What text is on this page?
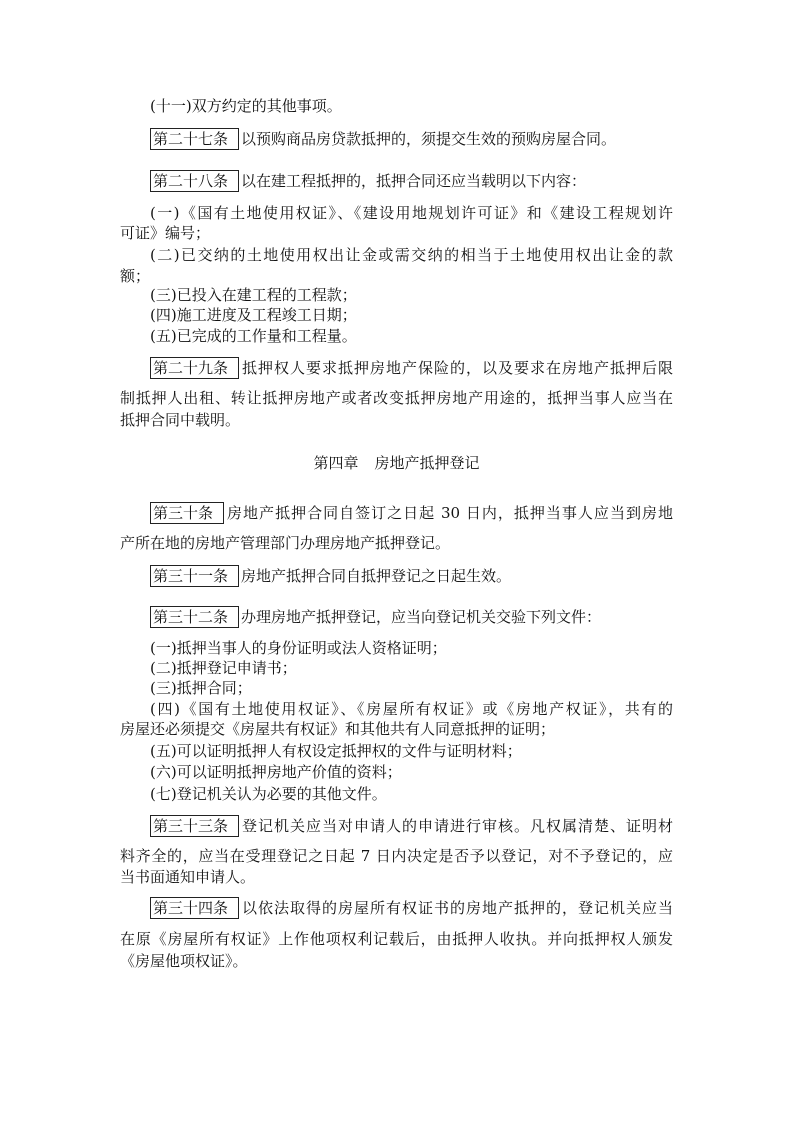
(十一)双方约定的其他事项。
第二十七条 以预购商品房贷款抵押的，须提交生效的预购房屋合同。
第二十八条 以在建工程抵押的，抵押合同还应当载明以下内容：
(一)《国有土地使用权证》、《建设用地规划许可证》和《建设工程规划许
可证》编号；
(二)已交纳的土地使用权出让金或需交纳的相当于土地使用权出让金的款
额；
(三)已投入在建工程的工程款；
(四)施工进度及工程竣工日期；
(五)已完成的工作量和工程量。
第二十九条 抵押权人要求抵押房地产保险的，以及要求在房地产抵押后限
制抵押人出租、转让抵押房地产或者改变抵押房地产用途的，抵押当事人应当在
抵押合同中载明。
第四章 房地产抵押登记
第三十条 房地产抵押合同自签订之日起 30 日内，抵押当事人应当到房地
产所在地的房地产管理部门办理房地产抵押登记。
第三十一条 房地产抵押合同自抵押登记之日起生效。
第三十二条 办理房地产抵押登记，应当向登记机关交验下列文件：
(一)抵押当事人的身份证明或法人资格证明；
(二)抵押登记申请书；
(三)抵押合同；
(四)《国有土地使用权证》、《房屋所有权证》或《房地产权证》，共有的
房屋还必须提交《房屋共有权证》和其他共有人同意抵押的证明；
(五)可以证明抵押人有权设定抵押权的文件与证明材料；
(六)可以证明抵押房地产价值的资料；
(七)登记机关认为必要的其他文件。
第三十三条 登记机关应当对申请人的申请进行审核。凡权属清楚、证明材
料齐全的，应当在受理登记之日起 7 日内决定是否予以登记，对不予登记的，应
当书面通知申请人。
第三十四条 以依法取得的房屋所有权证书的房地产抵押的，登记机关应当
在原《房屋所有权证》上作他项权利记载后，由抵押人收执。并向抵押权人颁发
《房屋他项权证》。
